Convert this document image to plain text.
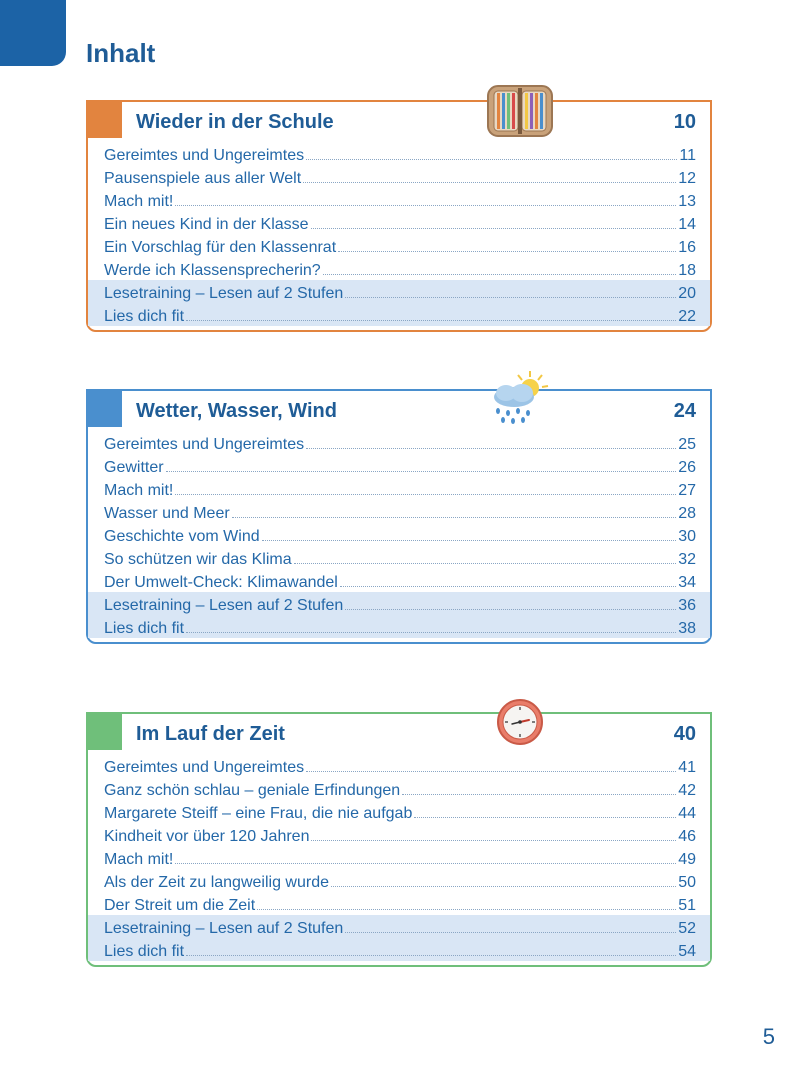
Inhalt
Wieder in der Schule	10
Gereimtes und Ungereimtes	11
Pausenspiele aus aller Welt	12
Mach mit!	13
Ein neues Kind in der Klasse	14
Ein Vorschlag für den Klassenrat	16
Werde ich Klassensprecherin?	18
Lesetraining – Lesen auf 2 Stufen	20
Lies dich fit	22
Wetter, Wasser, Wind	24
Gereimtes und Ungereimtes	25
Gewitter	26
Mach mit!	27
Wasser und Meer	28
Geschichte vom Wind	30
So schützen wir das Klima	32
Der Umwelt-Check: Klimawandel	34
Lesetraining – Lesen auf 2 Stufen	36
Lies dich fit	38
Im Lauf der Zeit	40
Gereimtes und Ungereimtes	41
Ganz schön schlau – geniale Erfindungen	42
Margarete Steiff – eine Frau, die nie aufgab	44
Kindheit vor über 120 Jahren	46
Mach mit!	49
Als der Zeit zu langweilig wurde	50
Der Streit um die Zeit	51
Lesetraining – Lesen auf 2 Stufen	52
Lies dich fit	54
5
